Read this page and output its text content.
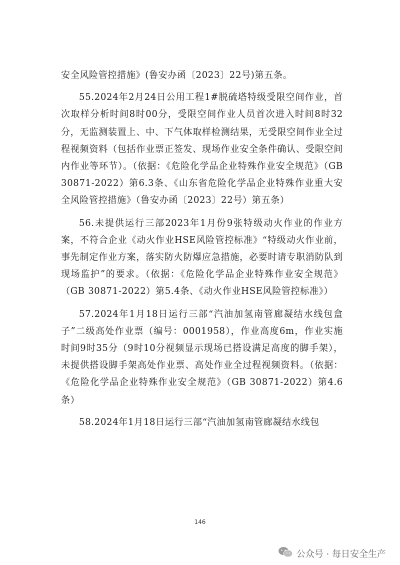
安全风险管控措施》(鲁安办函〔2023〕22号)第五条。

55.2024年2月24日公用工程1#脱硫塔特级受限空间作业，首次取样分析时间8时00分，受限空间作业人员首次进入时间8时32分，无监测装置上、中、下气体取样检测结果，无受限空间作业全过程视频资料（包括作业票正签发、现场作业安全条件确认、受限空间内作业等环节）。（依据：《危险化学品企业特殊作业安全规范》（GB 30871-2022）第6.3条、《山东省危险化学品企业特殊作业重大安全风险管控措施》（鲁安办函〔2023〕22号）第五条）

56.未提供运行三部2023年1月份9张特级动火作业的作业方案，不符合企业《动火作业HSE风险管控标准》“特级动火作业前，事先制定作业方案，落实防火防爆应急措施，必要时请专职消防队到现场监护”的要求。（依据：《危险化学品企业特殊作业安全规范》（GB 30871-2022）第5.4条、《动火作业HSE风险管控标准》）

57.2024年1月18日运行三部“汽油加氢南管廊凝结水线包盒子”二级高处作业票（编号：0001958），作业高度6m，作业实施时间9时35分（9时10分视频显示现场已搭设满足高度的脚手架），未提供搭设脚手架高处作业票、高处作业全过程视频资料。（依据：《危险化学品企业特殊作业安全规范》（GB 30871-2022）第4.6条）

58.2024年1月18日运行三部“汽油加氢南管廊凝结水线包

146
公众号 · 每日安全生产
